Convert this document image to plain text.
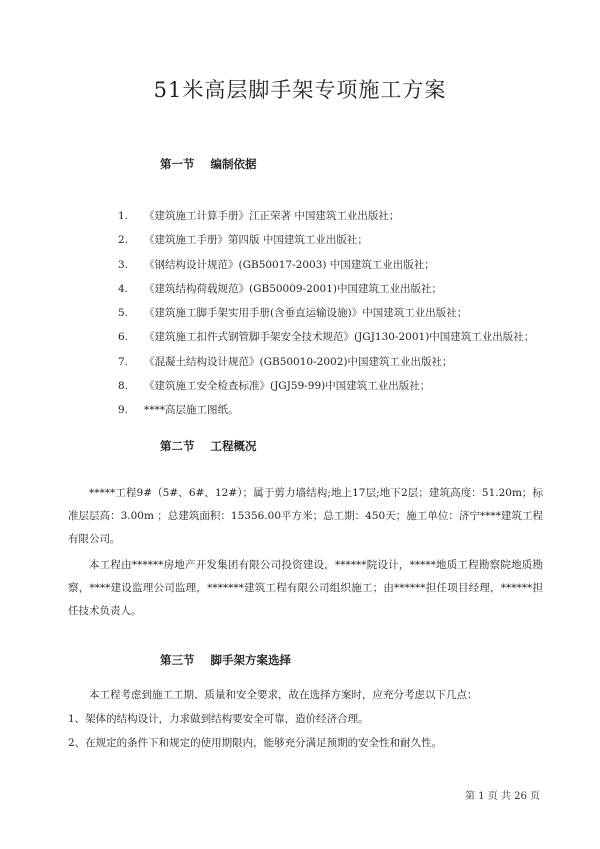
51米高层脚手架专项施工方案
第一节 编制依据
1. 《建筑施工计算手册》江正荣著 中国建筑工业出版社；
2. 《建筑施工手册》第四版 中国建筑工业出版社；
3. 《钢结构设计规范》(GB50017-2003) 中国建筑工业出版社；
4. 《建筑结构荷载规范》(GB50009-2001)中国建筑工业出版社；
5. 《建筑施工脚手架实用手册(含垂直运输设施)》中国建筑工业出版社；
6. 《建筑施工扣件式钢管脚手架安全技术规范》(JGJ130-2001)中国建筑工业出版社；
7. 《混凝土结构设计规范》(GB50010-2002)中国建筑工业出版社；
8. 《建筑施工安全检查标准》(JGJ59-99)中国建筑工业出版社；
9. ****高层施工图纸。
第二节 工程概况

*****工程9#（5#、6#、12#）；属于剪力墙结构;地上17层;地下2层；建筑高度：51.20m；标准层层高：3.00m ；总建筑面积：15356.00平方米；总工期：450天；施工单位：济宁****建筑工程有限公司。

本工程由******房地产开发集团有限公司投资建设，******院设计，*****地质工程勘察院地质勘察，****建设监理公司监理，*******建筑工程有限公司组织施工；由******担任项目经理，******担任技术负责人。

第三节 脚手架方案选择

本工程考虑到施工工期、质量和安全要求，故在选择方案时，应充分考虑以下几点：

1、架体的结构设计，力求做到结构要安全可靠，造价经济合理。

2、在规定的条件下和规定的使用期限内，能够充分满足预期的安全性和耐久性。

第 1 页 共 26 页
